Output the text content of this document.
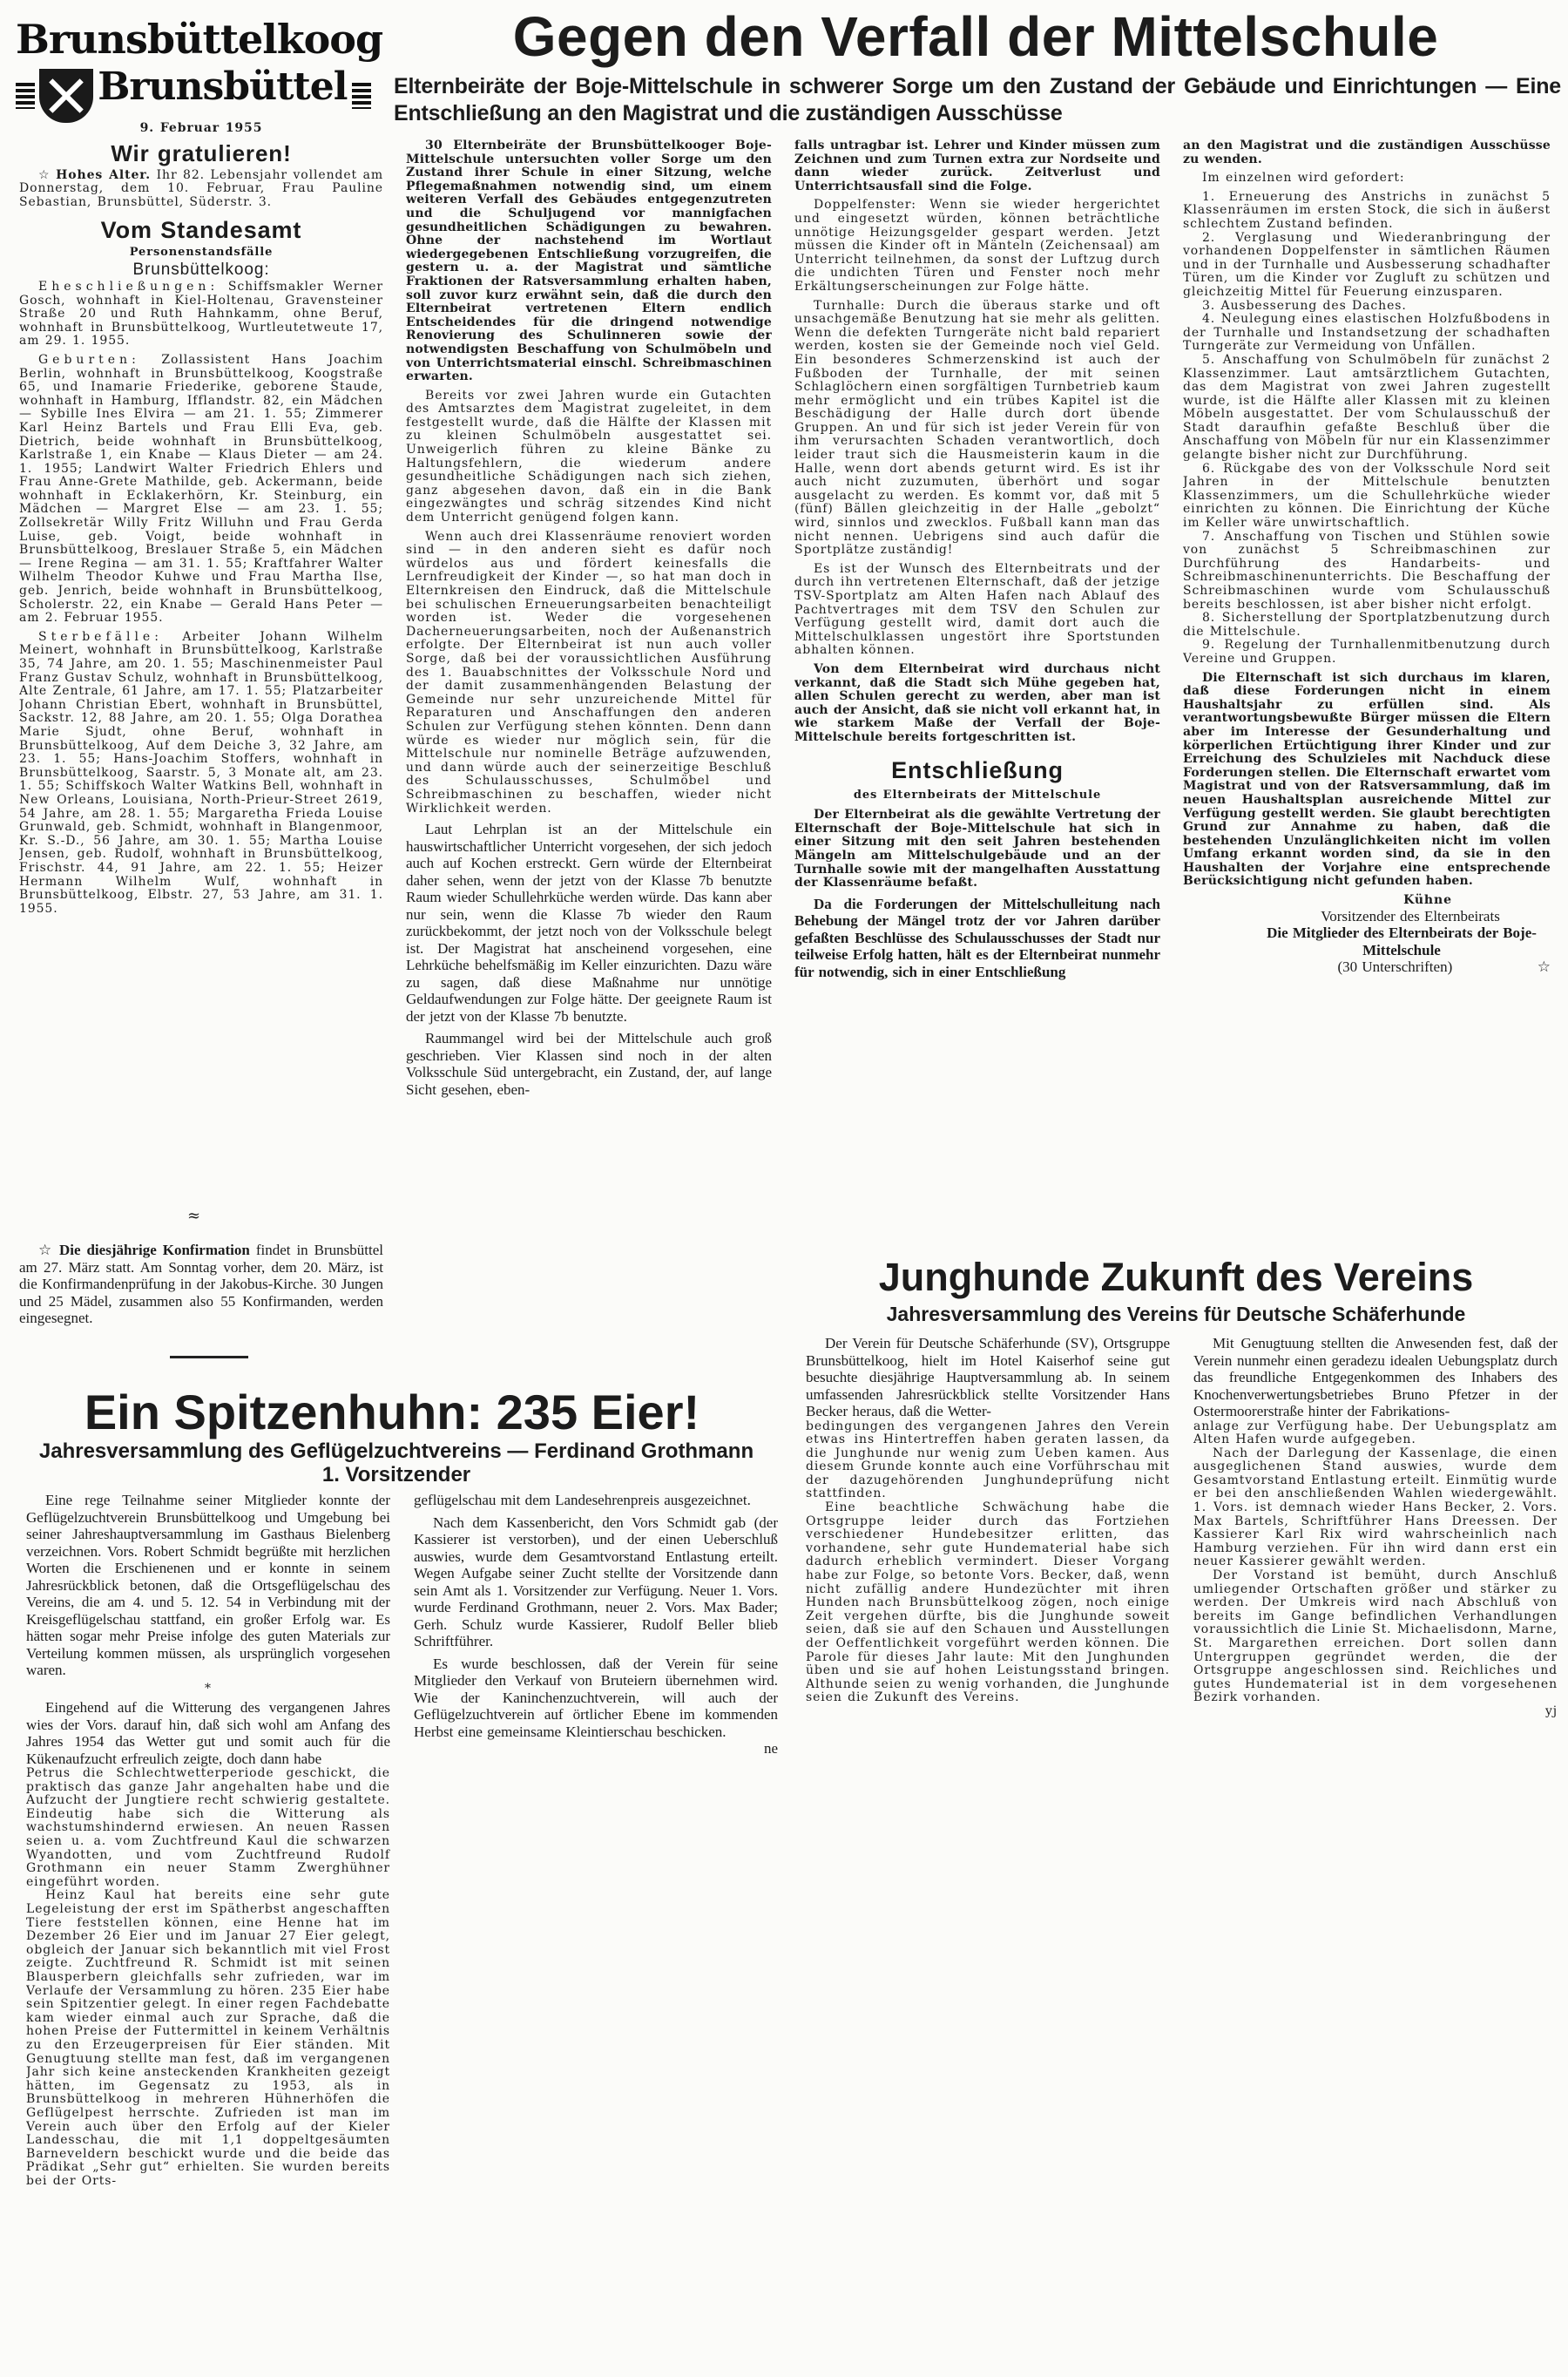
Brunsbüttelkoog
Brunsbüttel
9. Februar 1955
Wir gratulieren!

☆ Hohes Alter. Ihr 82. Lebensjahr vollendet am Donnerstag, dem 10. Februar, Frau Pauline Sebastian, Brunsbüttel, Süderstr. 3.

Vom Standesamt
Personenstandsfälle
Brunsbüttelkoog:

Eheschließungen: Schiffsmakler Werner Gosch, wohnhaft in Kiel-Holtenau, Gravensteiner Straße 20 und Ruth Hahnkamm, ohne Beruf, wohnhaft in Brunsbüttelkoog, Wurtleutetweute 17, am 29. 1. 1955.

Geburten: Zollassistent Hans Joachim Berlin, wohnhaft in Brunsbüttelkoog, Koogstraße 65, und Inamarie Friederike, geborene Staude, wohnhaft in Hamburg, Ifflandstr. 82, ein Mädchen — Sybille Ines Elvira — am 21. 1. 55; Zimmerer Karl Heinz Bartels und Frau Elli Eva, geb. Dietrich, beide wohnhaft in Brunsbüttelkoog, Karlstraße 1, ein Knabe — Klaus Dieter — am 24. 1. 1955; Landwirt Walter Friedrich Ehlers und Frau Anne-Grete Mathilde, geb. Ackermann, beide wohnhaft in Ecklakerhörn, Kr. Steinburg, ein Mädchen — Margret Else — am 23. 1. 55; Zollsekretär Willy Fritz Willuhn und Frau Gerda Luise, geb. Voigt, beide wohnhaft in Brunsbüttelkoog, Breslauer Straße 5, ein Mädchen — Irene Regina — am 31. 1. 55; Kraftfahrer Walter Wilhelm Theodor Kuhwe und Frau Martha Ilse, geb. Jenrich, beide wohnhaft in Brunsbüttelkoog, Scholerstr. 22, ein Knabe — Gerald Hans Peter — am 2. Februar 1955.

Sterbefälle: Arbeiter Johann Wilhelm Meinert, wohnhaft in Brunsbüttelkoog, Karlstraße 35, 74 Jahre, am 20. 1. 55; Maschinenmeister Paul Franz Gustav Schulz, wohnhaft in Brunsbüttelkoog, Alte Zentrale, 61 Jahre, am 17. 1. 55; Platzarbeiter Johann Christian Ebert, wohnhaft in Brunsbüttel, Sackstr. 12, 88 Jahre, am 20. 1. 55; Olga Dorathea Marie Sjudt, ohne Beruf, wohnhaft in Brunsbüttelkoog, Auf dem Deiche 3, 32 Jahre, am 23. 1. 55; Hans-Joachim Stoffers, wohnhaft in Brunsbüttelkoog, Saarstr. 5, 3 Monate alt, am 23. 1. 55; Schiffskoch Walter Watkins Bell, wohnhaft in New Orleans, Louisiana, North-Prieur-Street 2619, 54 Jahre, am 28. 1. 55; Margaretha Frieda Louise Grunwald, geb. Schmidt, wohnhaft in Blangenmoor, Kr. S.-D., 56 Jahre, am 30. 1. 55; Martha Louise Jensen, geb. Rudolf, wohnhaft in Brunsbüttelkoog, Frischstr. 44, 91 Jahre, am 22. 1. 55; Heizer Hermann Wilhelm Wulf, wohnhaft in Brunsbüttelkoog, Elbstr. 27, 53 Jahre, am 31. 1. 1955.

≈

☆ Die diesjährige Konfirmation findet in Brunsbüttel am 27. März statt. Am Sonntag vorher, dem 20. März, ist die Konfirmandenprüfung in der Jakobus-Kirche. 30 Jungen und 25 Mädel, zusammen also 55 Konfirmanden, werden eingesegnet.

Gegen den Verfall der Mittelschule
Elternbeiräte der Boje-Mittelschule in schwerer Sorge um den Zustand der Gebäude und Einrichtungen — Eine Entschließung an den Magistrat und die zuständigen Ausschüsse

30 Elternbeiräte der Brunsbüttelkooger Boje-Mittelschule untersuchten voller Sorge um den Zustand ihrer Schule in einer Sitzung, welche Pflegemaßnahmen notwendig sind, um einem weiteren Verfall des Gebäudes entgegenzutreten und die Schuljugend vor mannigfachen gesundheitlichen Schädigungen zu bewahren. Ohne der nachstehend im Wortlaut wiedergegebenen Entschließung vorzugreifen, die gestern u. a. der Magistrat und sämtliche Fraktionen der Ratsversammlung erhalten haben, soll zuvor kurz erwähnt sein, daß die durch den Elternbeirat vertretenen Eltern endlich Entscheidendes für die dringend notwendige Renovierung des Schulinneren sowie der notwendigsten Beschaffung von Schulmöbeln und von Unterrichtsmaterial einschl. Schreibmaschinen erwarten.

Bereits vor zwei Jahren wurde ein Gutachten des Amtsarztes dem Magistrat zugeleitet, in dem festgestellt wurde, daß die Hälfte der Klassen mit zu kleinen Schulmöbeln ausgestattet sei. Unweigerlich führen zu kleine Bänke zu Haltungsfehlern, die wiederum andere gesundheitliche Schädigungen nach sich ziehen, ganz abgesehen davon, daß ein in die Bank eingezwängtes und schräg sitzendes Kind nicht dem Unterricht genügend folgen kann.

Wenn auch drei Klassenräume renoviert worden sind — in den anderen sieht es dafür noch würdelos aus und fördert keinesfalls die Lernfreudigkeit der Kinder —, so hat man doch in Elternkreisen den Eindruck, daß die Mittelschule bei schulischen Erneuerungsarbeiten benachteiligt worden ist. Weder die vorgesehenen Dacherneuerungsarbeiten, noch der Außenanstrich erfolgte. Der Elternbeirat ist nun auch voller Sorge, daß bei der voraussichtlichen Ausführung des 1. Bauabschnittes der Volksschule Nord und der damit zusammenhängenden Belastung der Gemeinde nur sehr unzureichende Mittel für Reparaturen und Anschaffungen den anderen Schulen zur Verfügung stehen könnten. Denn dann würde es wieder nur möglich sein, für die Mittelschule nur nominelle Beträge aufzuwenden, und dann würde auch der seinerzeitige Beschluß des Schulausschusses, Schulmöbel und Schreibmaschinen zu beschaffen, wieder nicht Wirklichkeit werden.

Laut Lehrplan ist an der Mittelschule ein hauswirtschaftlicher Unterricht vorgesehen, der sich jedoch auch auf Kochen erstreckt. Gern würde der Elternbeirat daher sehen, wenn der jetzt von der Klasse 7b benutzte Raum wieder Schullehrküche werden würde. Das kann aber nur sein, wenn die Klasse 7b wieder den Raum zurückbekommt, der jetzt noch von der Volksschule belegt ist. Der Magistrat hat anscheinend vorgesehen, eine Lehrküche behelfsmäßig im Keller einzurichten. Dazu wäre zu sagen, daß diese Maßnahme nur unnötige Geldaufwendungen zur Folge hätte. Der geeignete Raum ist der jetzt von der Klasse 7b benutzte.

Raummangel wird bei der Mittelschule auch groß geschrieben. Vier Klassen sind noch in der alten Volksschule Süd untergebracht, ein Zustand, der, auf lange Sicht gesehen, eben-

falls untragbar ist. Lehrer und Kinder müssen zum Zeichnen und zum Turnen extra zur Nordseite und dann wieder zurück. Zeitverlust und Unterrichtsausfall sind die Folge.

Doppelfenster: Wenn sie wieder hergerichtet und eingesetzt würden, können beträchtliche unnötige Heizungsgelder gespart werden. Jetzt müssen die Kinder oft in Mänteln (Zeichensaal) am Unterricht teilnehmen, da sonst der Luftzug durch die undichten Türen und Fenster noch mehr Erkältungserscheinungen zur Folge hätte.

Turnhalle: Durch die überaus starke und oft unsachgemäße Benutzung hat sie mehr als gelitten. Wenn die defekten Turngeräte nicht bald repariert werden, kosten sie der Gemeinde noch viel Geld. Ein besonderes Schmerzenskind ist auch der Fußboden der Turnhalle, der mit seinen Schlaglöchern einen sorgfältigen Turnbetrieb kaum mehr ermöglicht und ein trübes Kapitel ist die Beschädigung der Halle durch dort übende Gruppen. An und für sich ist jeder Verein für von ihm verursachten Schaden verantwortlich, doch leider traut sich die Hausmeisterin kaum in die Halle, wenn dort abends geturnt wird. Es ist ihr auch nicht zuzumuten, überhört und sogar ausgelacht zu werden. Es kommt vor, daß mit 5 (fünf) Bällen gleichzeitig in der Halle „gebolzt“ wird, sinnlos und zwecklos. Fußball kann man das nicht nennen. Uebrigens sind auch dafür die Sportplätze zuständig!

Es ist der Wunsch des Elternbeitrats und der durch ihn vertretenen Elternschaft, daß der jetzige TSV-Sportplatz am Alten Hafen nach Ablauf des Pachtvertrages mit dem TSV den Schulen zur Verfügung gestellt wird, damit dort auch die Mittelschulklassen ungestört ihre Sportstunden abhalten können.

Von dem Elternbeirat wird durchaus nicht verkannt, daß die Stadt sich Mühe gegeben hat, allen Schulen gerecht zu werden, aber man ist auch der Ansicht, daß sie nicht voll erkannt hat, in wie starkem Maße der Verfall der Boje-Mittelschule bereits fortgeschritten ist.

Entschließung
des Elternbeirats der Mittelschule

Der Elternbeirat als die gewählte Vertretung der Elternschaft der Boje-Mittelschule hat sich in einer Sitzung mit den seit Jahren bestehenden Mängeln am Mittelschulgebäude und an der Turnhalle sowie mit der mangelhaften Ausstattung der Klassenräume befaßt.

Da die Forderungen der Mittelschulleitung nach Behebung der Mängel trotz der vor Jahren darüber gefaßten Beschlüsse des Schulausschusses der Stadt nur teilweise Erfolg hatten, hält es der Elternbeirat nunmehr für notwendig, sich in einer Entschließung

an den Magistrat und die zuständigen Ausschüsse zu wenden.

Im einzelnen wird gefordert:

1. Erneuerung des Anstrichs in zunächst 5 Klassenräumen im ersten Stock, die sich in äußerst schlechtem Zustand befinden.

2. Verglasung und Wiederanbringung der vorhandenen Doppelfenster in sämtlichen Räumen und in der Turnhalle und Ausbesserung schadhafter Türen, um die Kinder vor Zugluft zu schützen und gleichzeitig Mittel für Feuerung einzusparen.

3. Ausbesserung des Daches.

4. Neulegung eines elastischen Holzfußbodens in der Turnhalle und Instandsetzung der schadhaften Turngeräte zur Vermeidung von Unfällen.

5. Anschaffung von Schulmöbeln für zunächst 2 Klassenzimmer. Laut amtsärztlichem Gutachten, das dem Magistrat von zwei Jahren zugestellt wurde, ist die Hälfte aller Klassen mit zu kleinen Möbeln ausgestattet. Der vom Schulausschuß der Stadt daraufhin gefaßte Beschluß über die Anschaffung von Möbeln für nur ein Klassenzimmer gelangte bisher nicht zur Durchführung.

6. Rückgabe des von der Volksschule Nord seit Jahren in der Mittelschule benutzten Klassenzimmers, um die Schullehrküche wieder einrichten zu können. Die Einrichtung der Küche im Keller wäre unwirtschaftlich.

7. Anschaffung von Tischen und Stühlen sowie von zunächst 5 Schreibmaschinen zur Durchführung des Handarbeits- und Schreibmaschinenunterrichts. Die Beschaffung der Schreibmaschinen wurde vom Schulausschuß bereits beschlossen, ist aber bisher nicht erfolgt.

8. Sicherstellung der Sportplatzbenutzung durch die Mittelschule.

9. Regelung der Turnhallenmitbenutzung durch Vereine und Gruppen.

Die Elternschaft ist sich durchaus im klaren, daß diese Forderungen nicht in einem Haushaltsjahr zu erfüllen sind. Als verantwortungsbewußte Bürger müssen die Eltern aber im Interesse der Gesunderhaltung und körperlichen Ertüchtigung ihrer Kinder und zur Erreichung des Schulzieles mit Nachduck diese Forderungen stellen. Die Elternschaft erwartet vom Magistrat und von der Ratsversammlung, daß im neuen Haushaltsplan ausreichende Mittel zur Verfügung gestellt werden. Sie glaubt berechtigten Grund zur Annahme zu haben, daß die bestehenden Unzulänglichkeiten nicht im vollen Umfang erkannt worden sind, da sie in den Haushalten der Vorjahre eine entsprechende Berücksichtigung nicht gefunden haben.

Kühne
Vorsitzender des Elternbeirats
Die Mitglieder des Elternbeirats der Boje-Mittelschule
(30 Unterschriften)	☆
Junghunde Zukunft des Vereins
Jahresversammlung des Vereins für Deutsche Schäferhunde

Der Verein für Deutsche Schäferhunde (SV), Ortsgruppe Brunsbüttelkoog, hielt im Hotel Kaiserhof seine gut besuchte diesjährige Hauptversammlung ab. In seinem umfassenden Jahresrückblick stellte Vorsitzender Hans Becker heraus, daß die Wetter-

bedingungen des vergangenen Jahres den Verein etwas ins Hintertreffen haben geraten lassen, da die Junghunde nur wenig zum Ueben kamen. Aus diesem Grunde konnte auch eine Vorführschau mit der dazugehörenden Junghundeprüfung nicht stattfinden.

Eine beachtliche Schwächung habe die Ortsgruppe leider durch das Fortziehen verschiedener Hundebesitzer erlitten, das vorhandene, sehr gute Hundematerial habe sich dadurch erheblich vermindert. Dieser Vorgang habe zur Folge, so betonte Vors. Becker, daß, wenn nicht zufällig andere Hundezüchter mit ihren Hunden nach Brunsbüttelkoog zögen, noch einige Zeit vergehen dürfte, bis die Junghunde soweit seien, daß sie auf den Schauen und Ausstellungen der Oeffentlichkeit vorgeführt werden können. Die Parole für dieses Jahr laute: Mit den Junghunden üben und sie auf hohen Leistungsstand bringen. Althunde seien zu wenig vorhanden, die Junghunde seien die Zukunft des Vereins.

Mit Genugtuung stellten die Anwesenden fest, daß der Verein nunmehr einen geradezu idealen Uebungsplatz durch das freundliche Entgegenkommen des Inhabers des Knochenverwertungsbetriebes Bruno Pfetzer in der Ostermoorerstraße hinter der Fabrikations-

anlage zur Verfügung habe. Der Uebungsplatz am Alten Hafen wurde aufgegeben.

Nach der Darlegung der Kassenlage, die einen ausgeglichenen Stand auswies, wurde dem Gesamtvorstand Entlastung erteilt. Einmütig wurde er bei den anschließenden Wahlen wiedergewählt. 1. Vors. ist demnach wieder Hans Becker, 2. Vors. Max Bartels, Schriftführer Hans Dreessen. Der Kassierer Karl Rix wird wahrscheinlich nach Hamburg verziehen. Für ihn wird dann erst ein neuer Kassierer gewählt werden.

Der Vorstand ist bemüht, durch Anschluß umliegender Ortschaften größer und stärker zu werden. Der Umkreis wird nach Abschluß von bereits im Gange befindlichen Verhandlungen voraussichtlich die Linie St. Michaelisdonn, Marne, St. Margarethen erreichen. Dort sollen dann Untergruppen gegründet werden, die der Ortsgruppe angeschlossen sind. Reichliches und gutes Hundematerial ist in dem vorgesehenen Bezirk vorhanden.

yj
Ein Spitzenhuhn: 235 Eier!
Jahresversammlung des Geflügelzuchtvereins — Ferdinand Grothmann 1. Vorsitzender

Eine rege Teilnahme seiner Mitglieder konnte der Geflügelzuchtverein Brunsbüttelkoog und Umgebung bei seiner Jahreshauptversammlung im Gasthaus Bielenberg verzeichnen. Vors. Robert Schmidt begrüßte mit herzlichen Worten die Erschienenen und er konnte in seinem Jahresrückblick betonen, daß die Ortsgeflügelschau des Vereins, die am 4. und 5. 12. 54 in Verbindung mit der Kreisgeflügelschau stattfand, ein großer Erfolg war. Es hätten sogar mehr Preise infolge des guten Materials zur Verteilung kommen müssen, als ursprünglich vorgesehen waren.

*

Eingehend auf die Witterung des vergangenen Jahres wies der Vors. darauf hin, daß sich wohl am Anfang des Jahres 1954 das Wetter gut und somit auch für die Kükenaufzucht erfreulich zeigte, doch dann habe

Petrus die Schlechtwetterperiode geschickt, die praktisch das ganze Jahr angehalten habe und die Aufzucht der Jungtiere recht schwierig gestaltete. Eindeutig habe sich die Witterung als wachstumshindernd erwiesen. An neuen Rassen seien u. a. vom Zuchtfreund Kaul die schwarzen Wyandotten, und vom Zuchtfreund Rudolf Grothmann ein neuer Stamm Zwerghühner eingeführt worden.

Heinz Kaul hat bereits eine sehr gute Legeleistung der erst im Spätherbst angeschafften Tiere feststellen können, eine Henne hat im Dezember 26 Eier und im Januar 27 Eier gelegt, obgleich der Januar sich bekanntlich mit viel Frost zeigte. Zuchtfreund R. Schmidt ist mit seinen Blausperbern gleichfalls sehr zufrieden, war im Verlaufe der Versammlung zu hören. 235 Eier habe sein Spitzentier gelegt. In einer regen Fachdebatte kam wieder einmal auch zur Sprache, daß die hohen Preise der Futtermittel in keinem Verhältnis zu den Erzeugerpreisen für Eier ständen. Mit Genugtuung stellte man fest, daß im vergangenen Jahr sich keine ansteckenden Krankheiten gezeigt hätten, im Gegensatz zu 1953, als in Brunsbüttelkoog in mehreren Hühnerhöfen die Geflügelpest herrschte. Zufrieden ist man im Verein auch über den Erfolg auf der Kieler Landesschau, die mit 1,1 doppeltgesäumten Barneveldern beschickt wurde und die beide das Prädikat „Sehr gut“ erhielten. Sie wurden bereits bei der Orts-

geflügelschau mit dem Landesehrenpreis ausgezeichnet.

Nach dem Kassenbericht, den Vors Schmidt gab (der Kassierer ist verstorben), und der einen Ueberschluß auswies, wurde dem Gesamtvorstand Entlastung erteilt. Wegen Aufgabe seiner Zucht stellte der Vorsitzende dann sein Amt als 1. Vorsitzender zur Verfügung. Neuer 1. Vors. wurde Ferdinand Grothmann, neuer 2. Vors. Max Bader; Gerh. Schulz wurde Kassierer, Rudolf Beller blieb Schriftführer.

Es wurde beschlossen, daß der Verein für seine Mitglieder den Verkauf von Bruteiern übernehmen wird. Wie der Kaninchenzuchtverein, will auch der Geflügelzuchtverein auf örtlicher Ebene im kommenden Herbst eine gemeinsame Kleintierschau beschicken.

ne
